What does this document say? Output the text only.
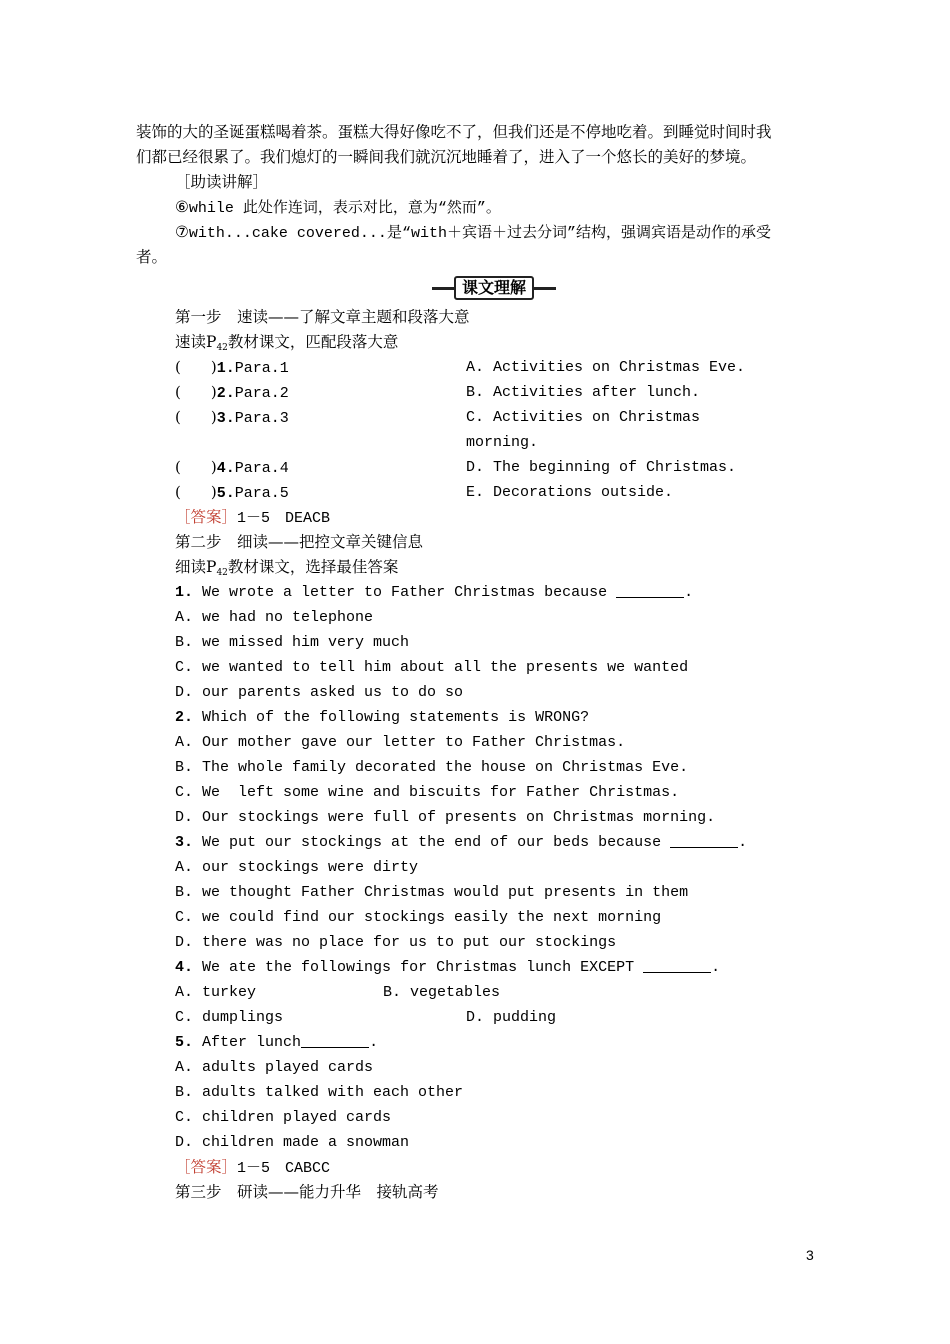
装饰的大的圣诞蛋糕喝着茶。蛋糕大得好像吃不了，但我们还是不停地吃着。到睡觉时间时我
们都已经很累了。我们熄灯的一瞬间我们就沉沉地睡着了，进入了一个悠长的美好的梦境。
［助读讲解］
⑥while 此处作连词，表示对比，意为“然而”。
⑦with...cake covered...是“with＋宾语＋过去分词”结构，强调宾语是动作的承受
者。
课文理解
第一步　速读——了解文章主题和段落大意
速读$P_{42}$教材课文，匹配段落大意
(　　)1.Para.1	A. Activities on Christmas Eve.
(　　)2.Para.2	B. Activities after lunch.
(　　)3.Para.3	C. Activities on Christmas
morning.
(　　)4.Para.4	D. The beginning of Christmas.
(　　)5.Para.5	E. Decorations outside.
［答案］1－5　DEACB
第二步　细读——把控文章关键信息
细读$P_{42}$教材课文，选择最佳答案
1. We wrote a letter to Father Christmas because	.
A. we had no telephone
B. we missed him very much
C. we wanted to tell him about all the presents we wanted
D. our parents asked us to do so
2. Which of the following statements is WRONG?
A. Our mother gave our letter to Father Christmas.
B. The whole family decorated the house on Christmas Eve.
C. We  left some wine and biscuits for Father Christmas.
D. Our stockings were full of presents on Christmas morning.
3. We put our stockings at the end of our beds because	.
A. our stockings were dirty
B. we thought Father Christmas would put presents in them
C. we could find our stockings easily the next morning
D. there was no place for us to put our stockings
4. We ate the followings for Christmas lunch EXCEPT	.
A. turkey	B. vegetables
C. dumplings	D. pudding
5. After lunch	.
A. adults played cards
B. adults talked with each other
C. children played cards
D. children made a snowman
［答案］1－5　CABCC
第三步　研读——能力升华　接轨高考
3
